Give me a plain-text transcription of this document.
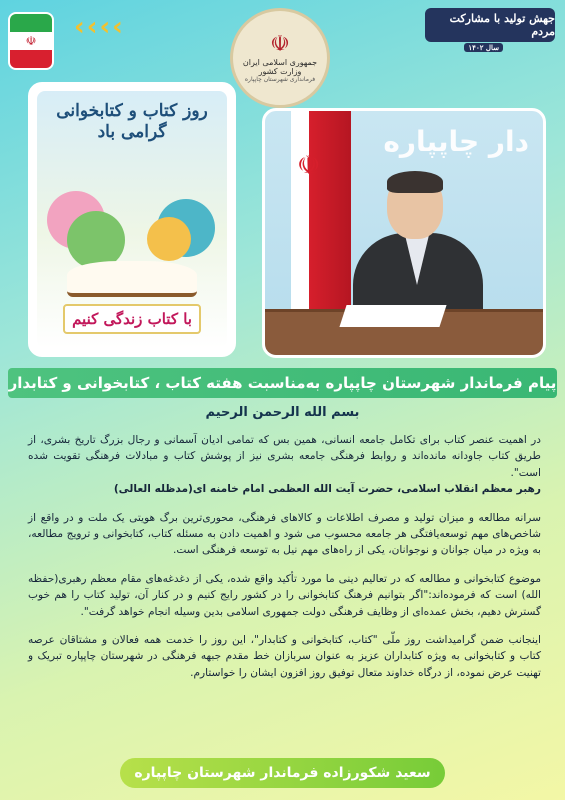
☫	‹ ‹ ‹ ‹
☫
جمهوری اسلامی ایران
وزارت کشور
فرمانداری شهرستان چاپپاره
جهش تولید با مشارکت مردم
سال ۱۴۰۲
روز کتاب و کتابخوانی گرامی باد
با کتاب زندگی کنیم
دار چاپپاره
☫
پیام فرماندار شهرستان چاپپاره به‌مناسبت هفته کتاب ، کتابخوانی و کتابدار
بسم الله الرحمن الرحیم

در اهمیت عنصر کتاب برای تکامل جامعه انسانی، همین بس که تمامی ادیان آسمانی و رجال بزرگ تاریخ بشری، از طریق کتاب جاودانه مانده‌اند و روابط فرهنگی جامعه بشری نیز از پوشش کتاب و مبادلات فرهنگی تقویت شده است".

رهبر معظم انقلاب اسلامی، حضرت آیت الله العظمی امام خامنه ای(مدظله العالی)

سرانه مطالعه و میزان تولید و مصرف اطلاعات و کالاهای فرهنگی، محوری‌ترین برگ هویتی یک ملت و در واقع از شاخص‌های مهم توسعه‌یافتگی هر جامعه محسوب می شود و اهمیت دادن به مسئله کتاب، کتابخوانی و ترویج مطالعه، به ویژه در میان جوانان و نوجوانان، یکی از راه‌های مهم نیل به توسعه فرهنگی است.

موضوع کتابخوانی و مطالعه که در تعالیم دینی ما مورد تأکید واقع شده، یکی از دغدغه‌های مقام معظم رهبری(حفظه الله) است که فرموده‌اند:"اگر بتوانیم فرهنگ کتابخوانی را در کشور رایج کنیم و در کنار آن، تولید کتاب را هم خوب گسترش دهیم، بخش عمده‌ای از وظایف فرهنگی دولت جمهوری اسلامی بدین وسیله انجام خواهد گرفت".

اینجانب ضمن گرامیداشت روز ملّی "کتاب، کتابخوانی و کتابدار"، این روز را خدمت همه فعالان و مشتاقان عرصه کتاب و کتابخوانی به ویژه کتابداران عزیز به عنوان سربازان خط مقدم جبهه فرهنگی در شهرستان چاپپاره تبریک و تهنیت عرض نموده، از درگاه خداوند متعال توفیق روز افزون ایشان را خواستارم.

سعید شکورزاده فرماندار شهرستان چاپپاره
